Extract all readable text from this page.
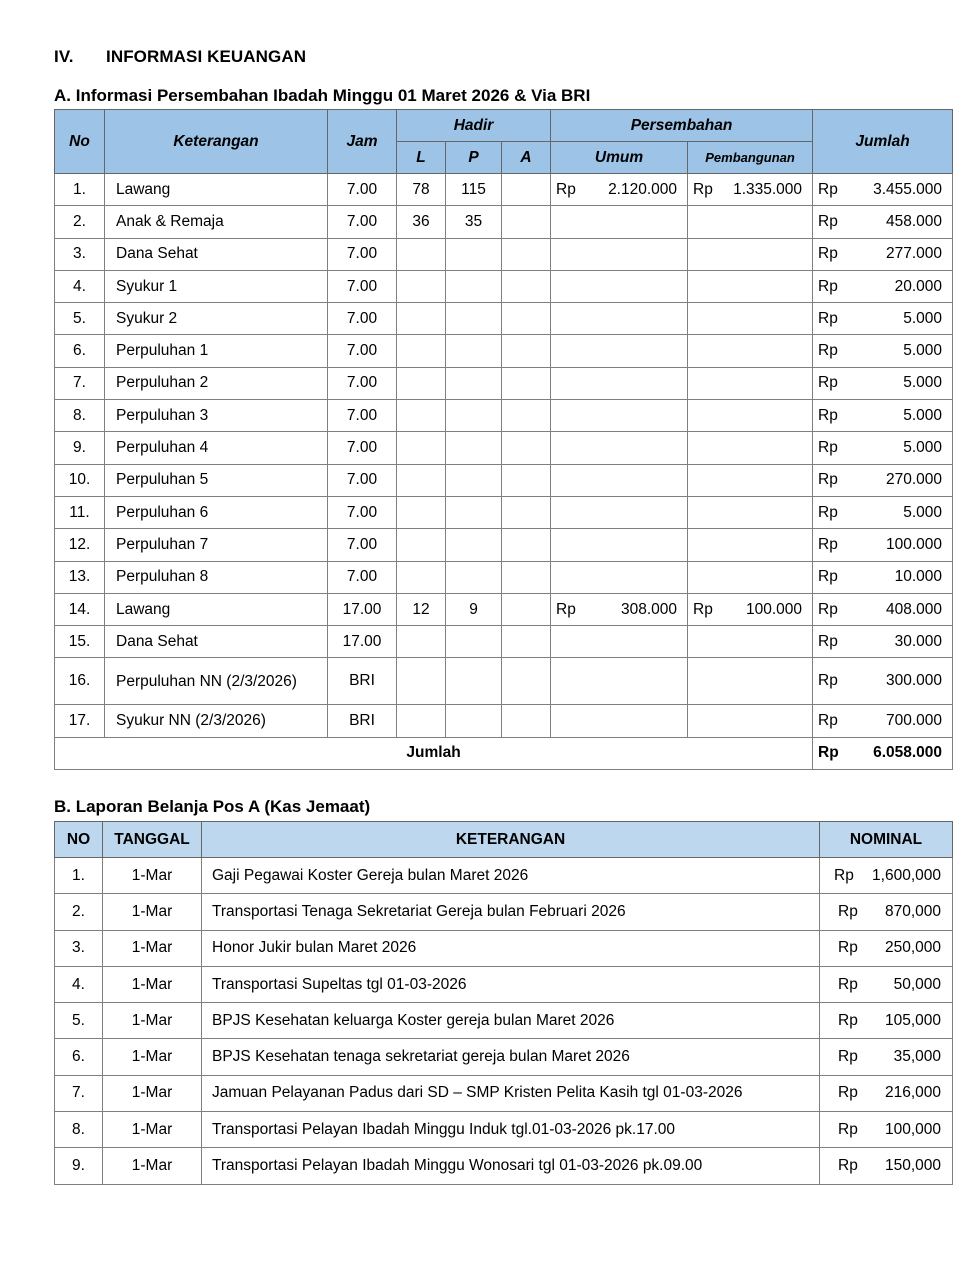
IV. INFORMASI KEUANGAN
A. Informasi Persembahan Ibadah Minggu 01 Maret 2026 & Via BRI
No	Keterangan	Jam	Hadir			Persembahan		Jumlah
			L	P	A	Umum	Pembangunan	
1.	Lawang	7.00	78	115		Rp 2.120.000	Rp 1.335.000	Rp 3.455.000

2.	Anak & Remaja	7.00	36	35				Rp 458.000

3.	Dana Sehat	7.00						Rp 277.000

4.	Syukur 1	7.00						Rp 20.000

5.	Syukur 2	7.00						Rp 5.000

6.	Perpuluhan 1	7.00						Rp 5.000

7.	Perpuluhan 2	7.00						Rp 5.000

8.	Perpuluhan 3	7.00						Rp 5.000

9.	Perpuluhan 4	7.00						Rp 5.000

10.	Perpuluhan 5	7.00						Rp 270.000

11.	Perpuluhan 6	7.00						Rp 5.000

12.	Perpuluhan 7	7.00						Rp 100.000

13.	Perpuluhan 8	7.00						Rp 10.000

14.	Lawang	17.00	12	9		Rp 308.000	Rp 100.000	Rp 408.000

15.	Dana Sehat	17.00						Rp 30.000

16.	Perpuluhan NN (2/3/2026)	BRI						Rp 300.000

17.	Syukur NN (2/3/2026)	BRI						Rp 700.000

Jumlah								Rp 6.058.000
B. Laporan Belanja Pos A (Kas Jemaat)
NO	TANGGAL	KETERANGAN	NOMINAL
1.	1-Mar	Gaji Pegawai Koster Gereja bulan Maret 2026	Rp 1,600,000

2.	1-Mar	Transportasi Tenaga Sekretariat Gereja bulan Februari 2026	Rp 870,000

3.	1-Mar	Honor Jukir bulan Maret 2026	Rp 250,000

4.	1-Mar	Transportasi Supeltas tgl 01-03-2026	Rp 50,000

5.	1-Mar	BPJS Kesehatan keluarga Koster gereja bulan Maret 2026	Rp 105,000

6.	1-Mar	BPJS Kesehatan tenaga sekretariat gereja bulan Maret 2026	Rp 35,000

7.	1-Mar	Jamuan Pelayanan Padus dari SD – SMP Kristen Pelita Kasih tgl 01-03-2026	Rp 216,000

8.	1-Mar	Transportasi Pelayan Ibadah Minggu Induk tgl.01-03-2026 pk.17.00	Rp 100,000

9.	1-Mar	Transportasi Pelayan Ibadah Minggu Wonosari tgl 01-03-2026 pk.09.00	Rp 150,000
